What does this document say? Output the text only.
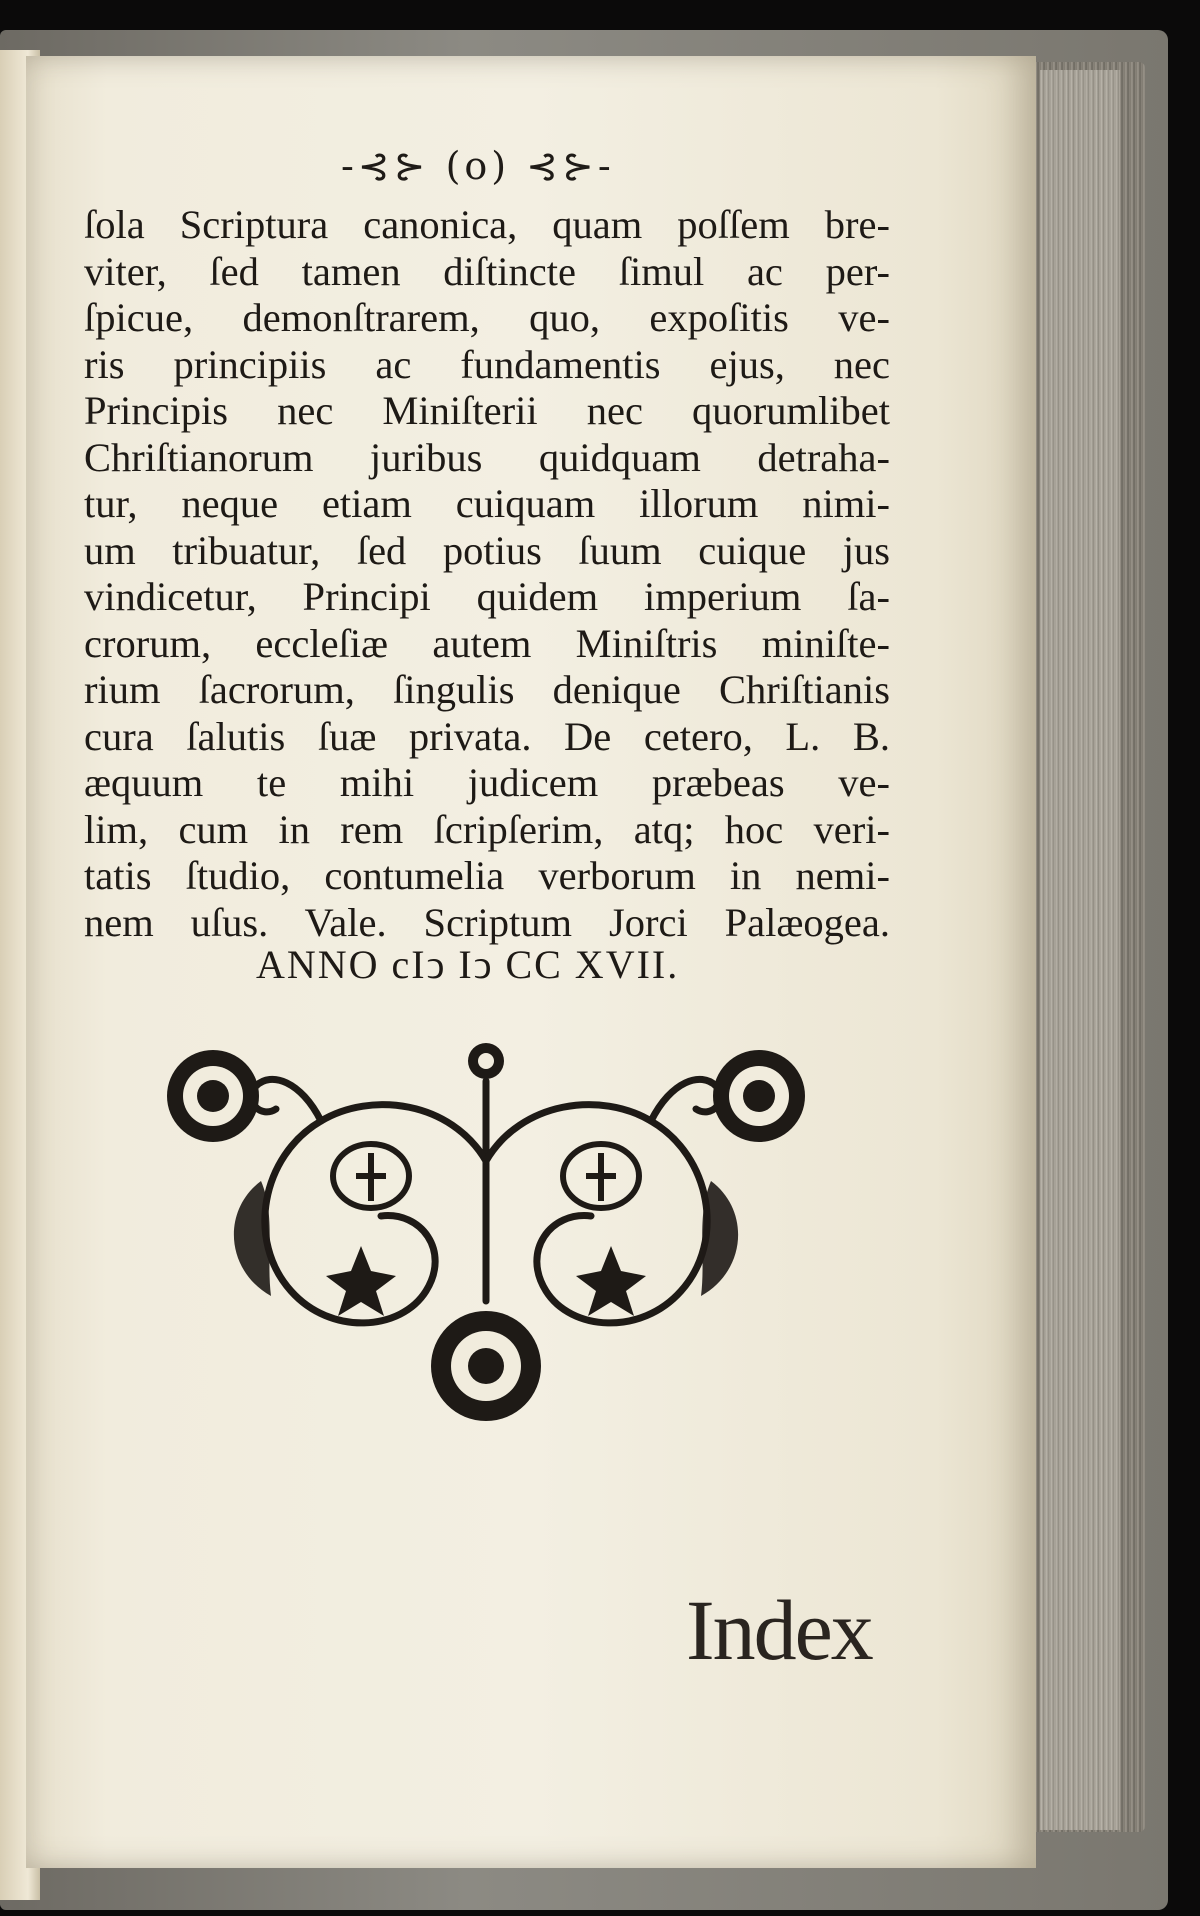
-⊰⊱ (o) ⊰⊱-
ſola Scriptura canonica, quam poſſem bre-
viter, ſed tamen diſtincte ſimul ac per-
ſpicue, demonſtrarem, quo, expoſitis ve-
ris principiis ac fundamentis ejus, nec
Principis nec Miniſterii nec quorumlibet
Chriſtianorum juribus quidquam detraha-
tur, neque etiam cuiquam illorum nimi-
um tribuatur, ſed potius ſuum cuique jus
vindicetur, Principi quidem imperium ſa-
crorum, eccleſiæ autem Miniſtris miniſte-
rium ſacrorum, ſingulis denique Chriſtianis
cura ſalutis ſuæ privata. De cetero, L. B.
æquum te mihi judicem præbeas ve-
lim, cum in rem ſcripſerim, atq; hoc veri-
tatis ſtudio, contumelia verborum in nemi-
nem uſus. Vale. Scriptum Jorci Palæogea.
ANNO cIↄ Iↄ CC XVII.
Index
